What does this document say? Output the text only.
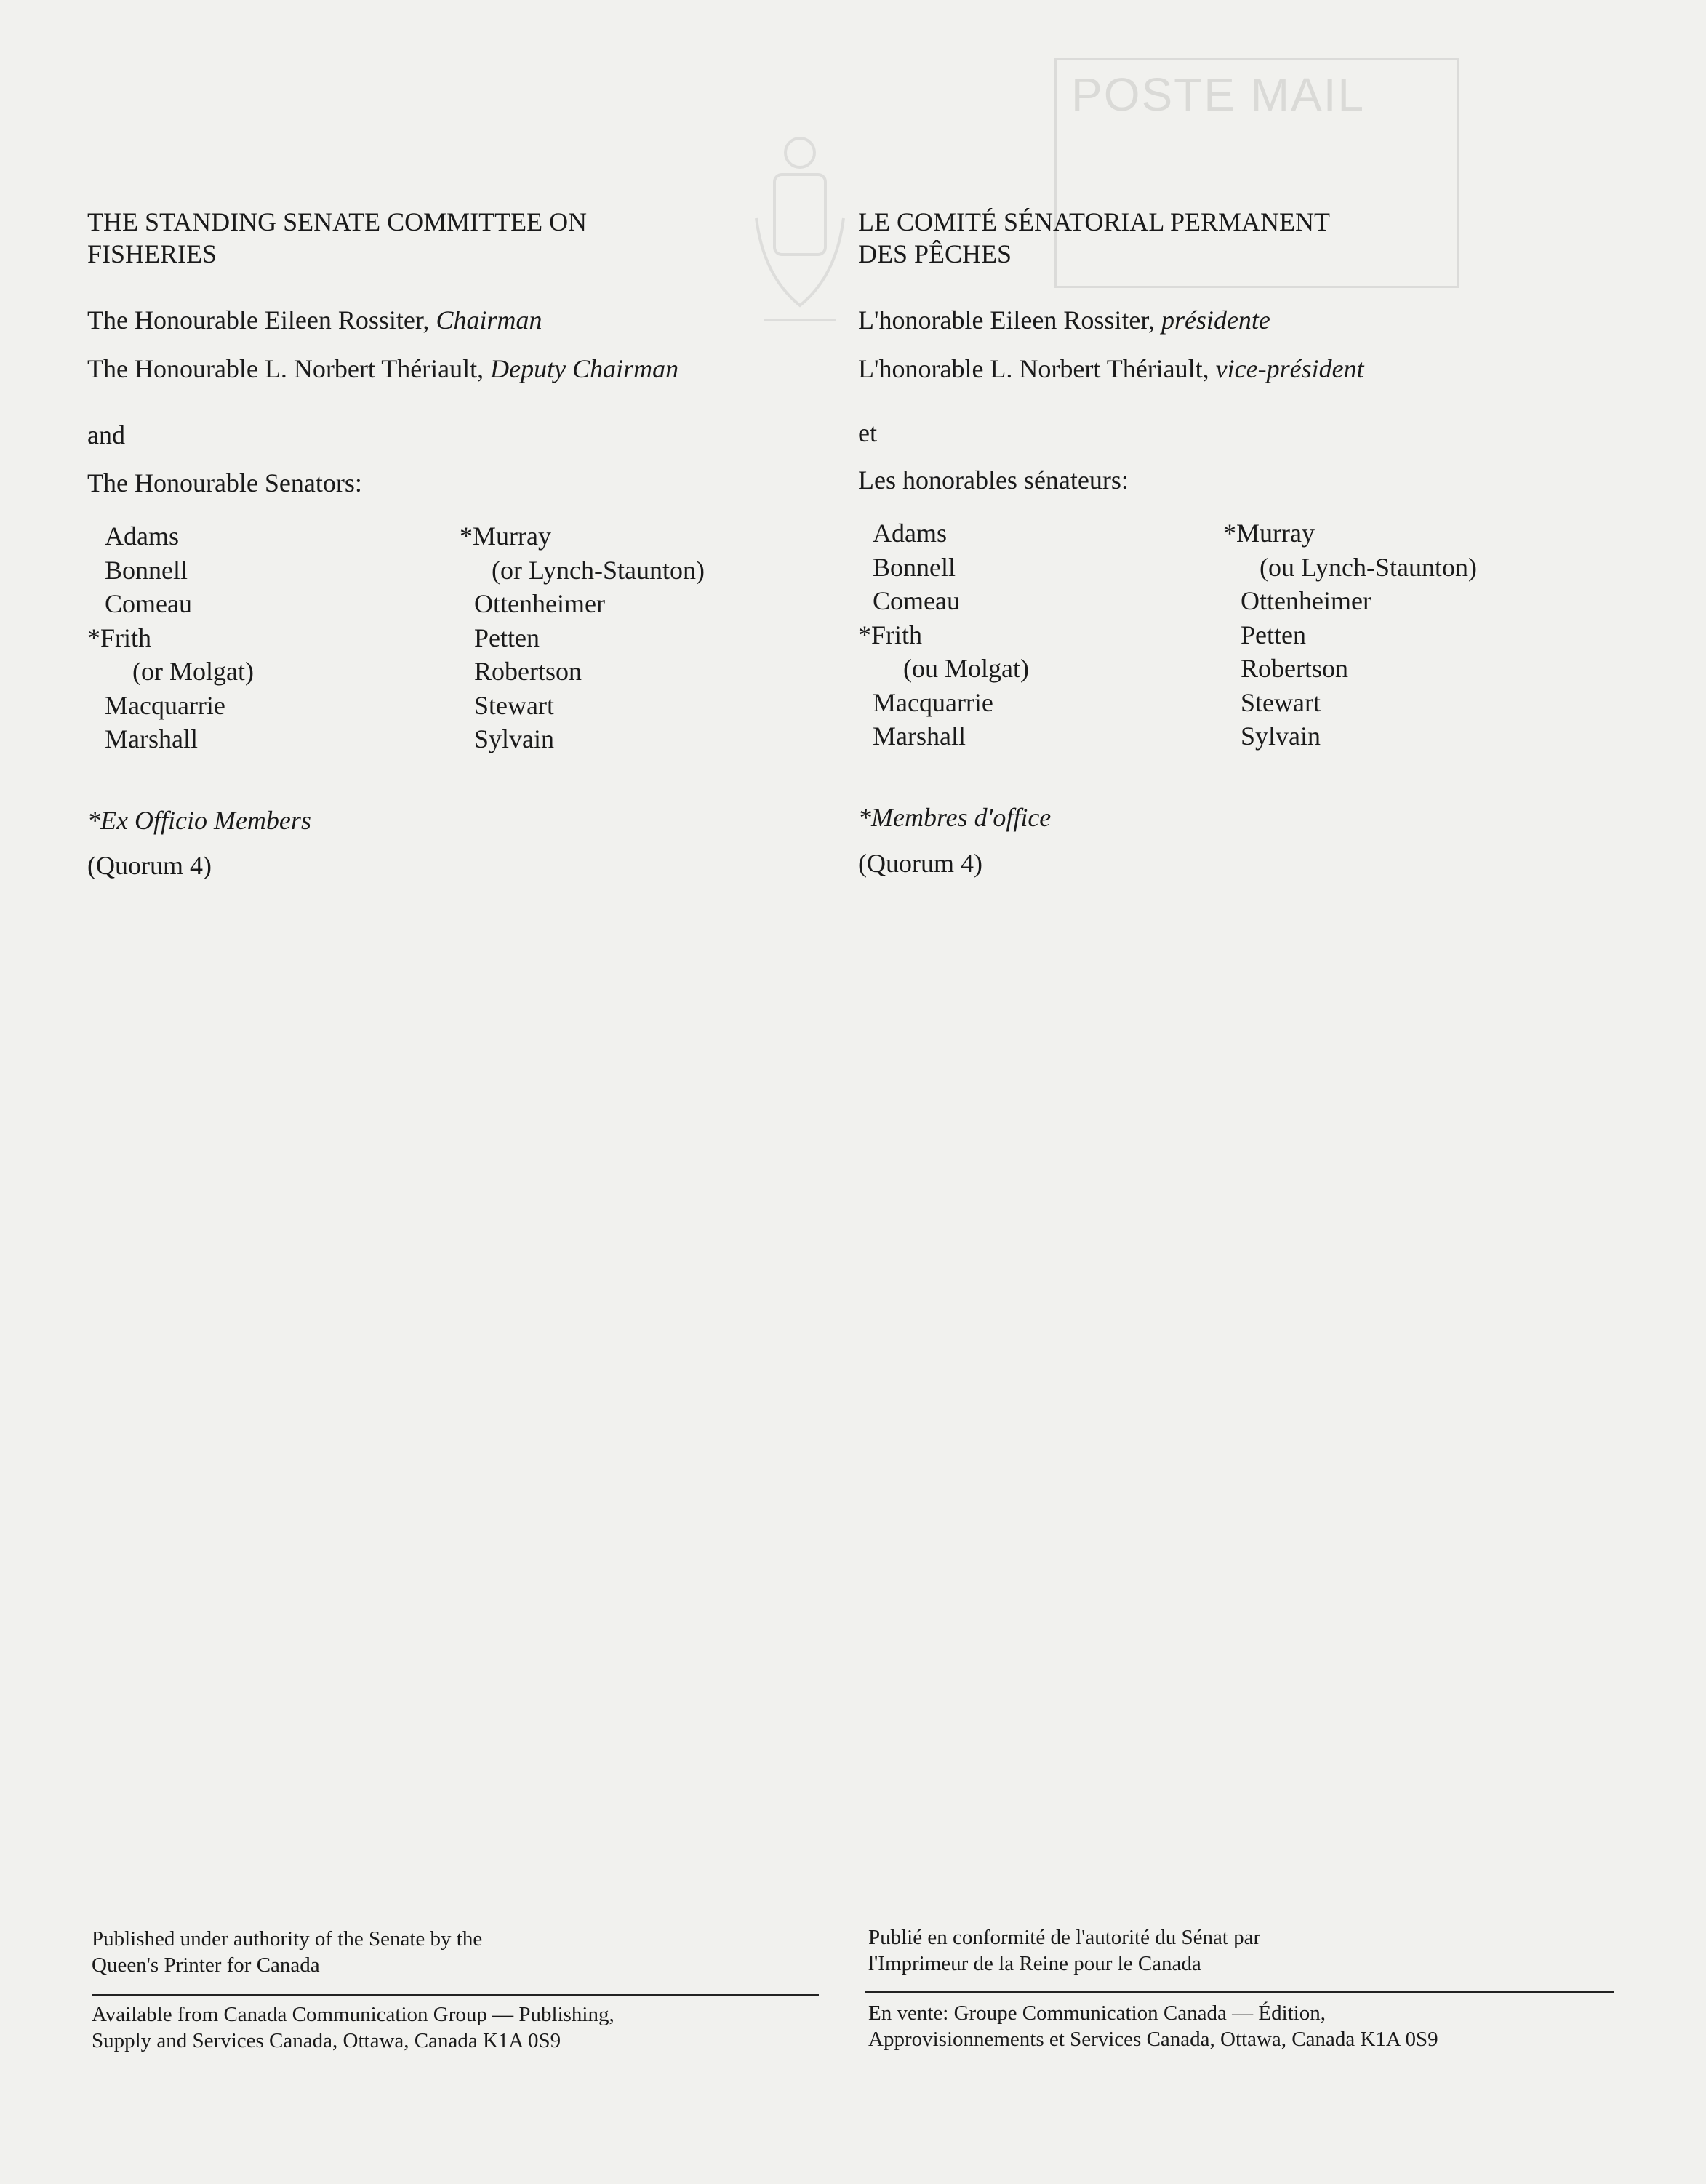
POSTE MAIL
THE STANDING SENATE COMMITTEE ON
FISHERIES
The Honourable Eileen Rossiter, Chairman
The Honourable L. Norbert Thériault, Deputy Chairman
and
The Honourable Senators:
Adams
Bonnell
Comeau
*Frith
(or Molgat)
Macquarrie
Marshall
*Murray
(or Lynch-Staunton)
Ottenheimer
Petten
Robertson
Stewart
Sylvain
*Ex Officio Members
(Quorum 4)
Published under authority of the Senate by the
Queen's Printer for Canada
Available from Canada Communication Group — Publishing,
Supply and Services Canada, Ottawa, Canada K1A 0S9
LE COMITÉ SÉNATORIAL PERMANENT
DES PÊCHES
L'honorable Eileen Rossiter, présidente
L'honorable L. Norbert Thériault, vice-président
et
Les honorables sénateurs:
Adams
Bonnell
Comeau
*Frith
(ou Molgat)
Macquarrie
Marshall
*Murray
(ou Lynch-Staunton)
Ottenheimer
Petten
Robertson
Stewart
Sylvain
*Membres d'office
(Quorum 4)
Publié en conformité de l'autorité du Sénat par
l'Imprimeur de la Reine pour le Canada
En vente: Groupe Communication Canada — Édition,
Approvisionnements et Services Canada, Ottawa, Canada K1A 0S9
